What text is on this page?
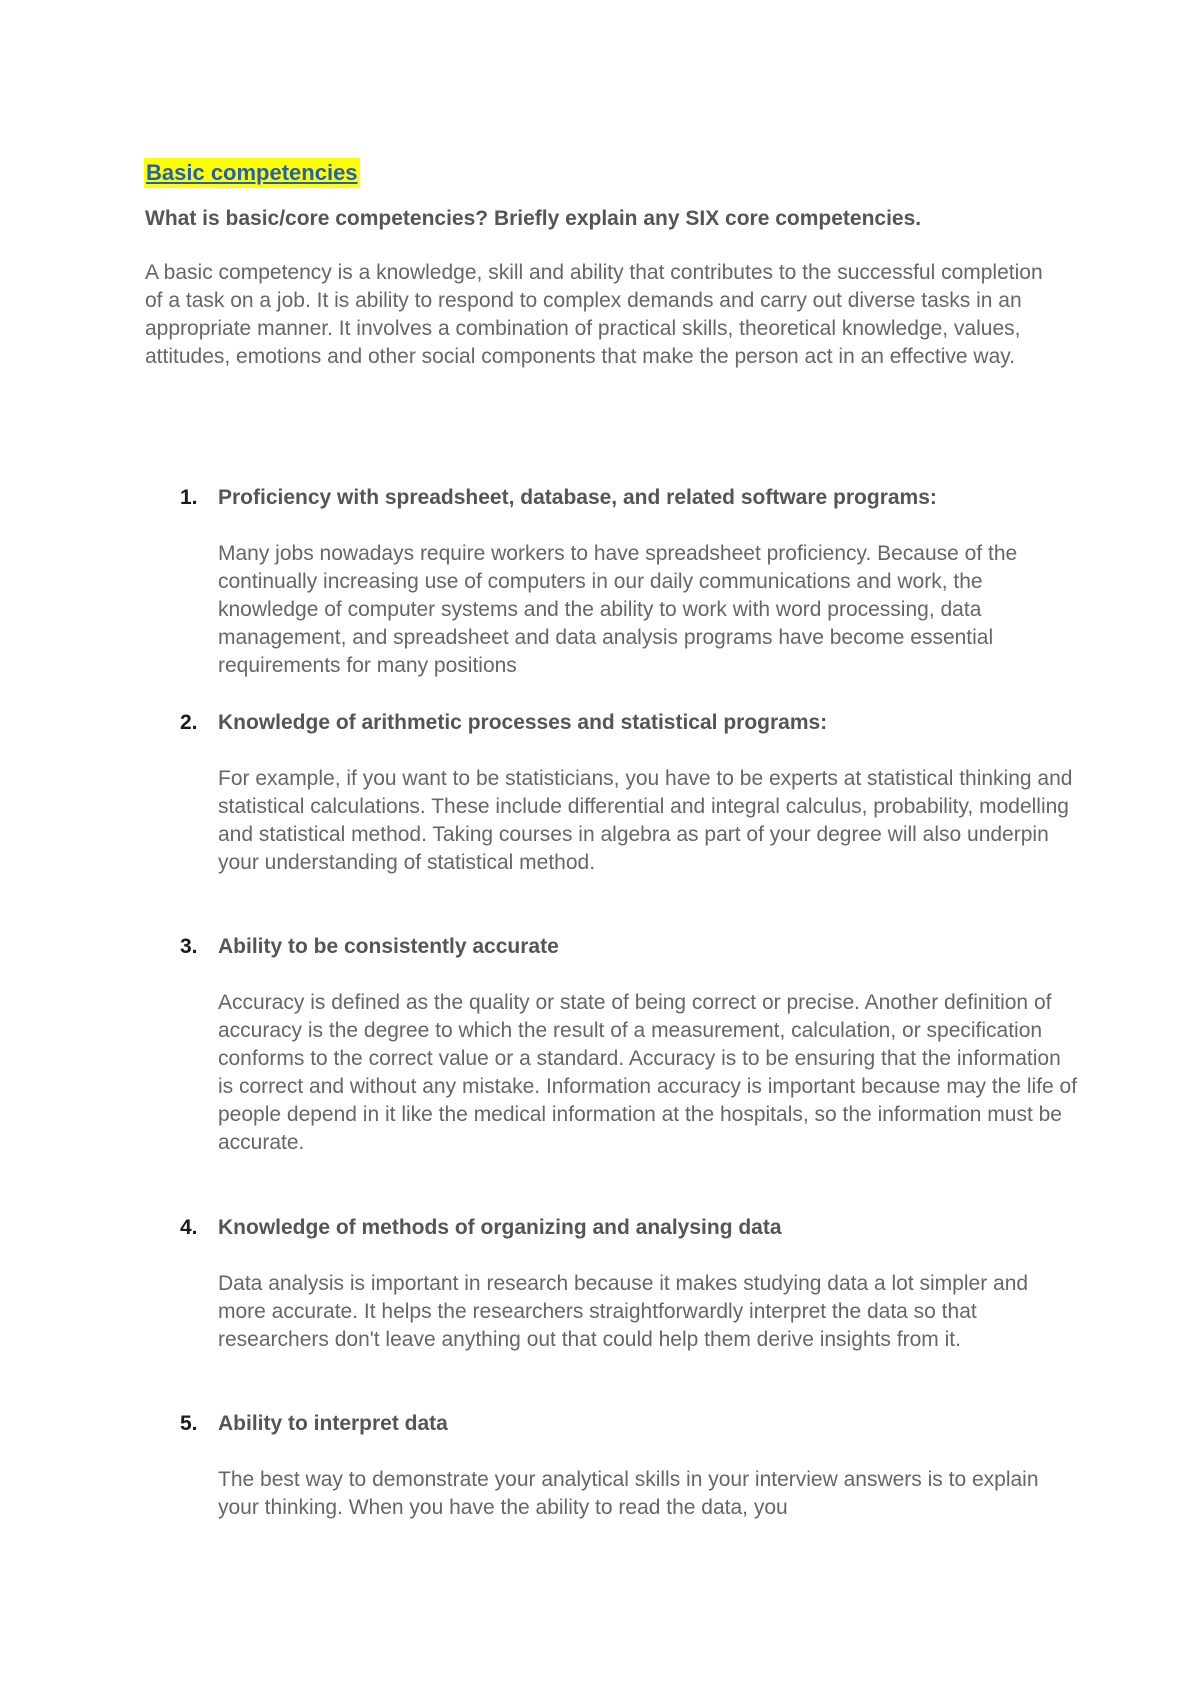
Basic competencies
What is basic/core competencies? Briefly explain any SIX core competencies.

A basic competency is a knowledge, skill and ability that contributes to the successful completion of a task on a job. It is ability to respond to complex demands and carry out diverse tasks in an appropriate manner. It involves a combination of practical skills, theoretical knowledge, values, attitudes, emotions and other social components that make the person act in an effective way.

1. Proficiency with spreadsheet, database, and related software programs:

Many jobs nowadays require workers to have spreadsheet proficiency. Because of the continually increasing use of computers in our daily communications and work, the knowledge of computer systems and the ability to work with word processing, data management, and spreadsheet and data analysis programs have become essential requirements for many positions

2. Knowledge of arithmetic processes and statistical programs:

For example, if you want to be statisticians, you have to be experts at statistical thinking and statistical calculations. These include differential and integral calculus, probability, modelling and statistical method. Taking courses in algebra as part of your degree will also underpin your understanding of statistical method.

3. Ability to be consistently accurate

Accuracy is defined as the quality or state of being correct or precise. Another definition of accuracy is the degree to which the result of a measurement, calculation, or specification conforms to the correct value or a standard. Accuracy is to be ensuring that the information is correct and without any mistake. Information accuracy is important because may the life of people depend in it like the medical information at the hospitals, so the information must be accurate.

4. Knowledge of methods of organizing and analysing data

Data analysis is important in research because it makes studying data a lot simpler and more accurate. It helps the researchers straightforwardly interpret the data so that researchers don't leave anything out that could help them derive insights from it.

5. Ability to interpret data

The best way to demonstrate your analytical skills in your interview answers is to explain your thinking. When you have the ability to read the data, you
